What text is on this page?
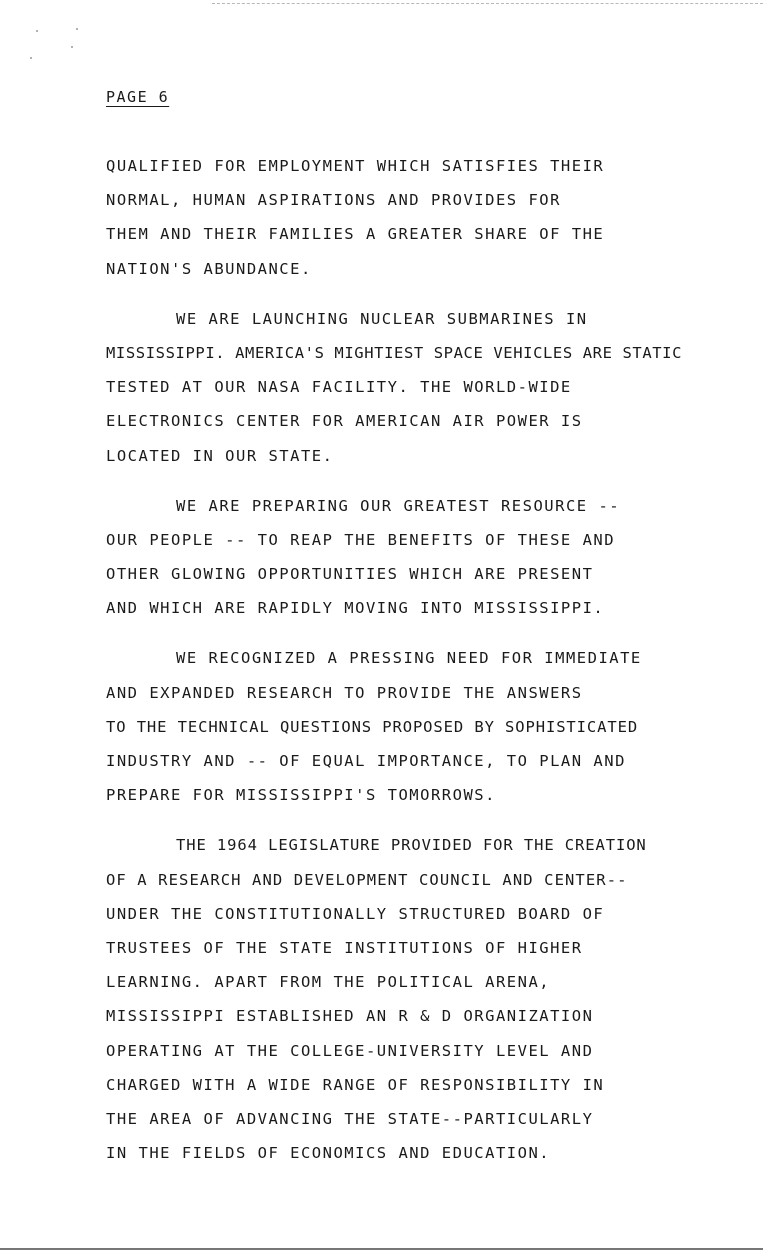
PAGE 6
QUALIFIED FOR EMPLOYMENT WHICH SATISFIES THEIR
NORMAL, HUMAN ASPIRATIONS AND PROVIDES FOR
THEM AND THEIR FAMILIES A GREATER SHARE OF THE
NATION'S ABUNDANCE.
WE ARE LAUNCHING NUCLEAR SUBMARINES IN
MISSISSIPPI. AMERICA'S MIGHTIEST SPACE VEHICLES ARE STATIC
TESTED AT OUR NASA FACILITY. THE WORLD-WIDE
ELECTRONICS CENTER FOR AMERICAN AIR POWER IS
LOCATED IN OUR STATE.
WE ARE PREPARING OUR GREATEST RESOURCE --
OUR PEOPLE -- TO REAP THE BENEFITS OF THESE AND
OTHER GLOWING OPPORTUNITIES WHICH ARE PRESENT
AND WHICH ARE RAPIDLY MOVING INTO MISSISSIPPI.
WE RECOGNIZED A PRESSING NEED FOR IMMEDIATE
AND EXPANDED RESEARCH TO PROVIDE THE ANSWERS
TO THE TECHNICAL QUESTIONS PROPOSED BY SOPHISTICATED
INDUSTRY AND -- OF EQUAL IMPORTANCE, TO PLAN AND
PREPARE FOR MISSISSIPPI'S TOMORROWS.
THE 1964 LEGISLATURE PROVIDED FOR THE CREATION
OF A RESEARCH AND DEVELOPMENT COUNCIL AND CENTER--
UNDER THE CONSTITUTIONALLY STRUCTURED BOARD OF
TRUSTEES OF THE STATE INSTITUTIONS OF HIGHER
LEARNING. APART FROM THE POLITICAL ARENA,
MISSISSIPPI ESTABLISHED AN R & D ORGANIZATION
OPERATING AT THE COLLEGE-UNIVERSITY LEVEL AND
CHARGED WITH A WIDE RANGE OF RESPONSIBILITY IN
THE AREA OF ADVANCING THE STATE--PARTICULARLY
IN THE FIELDS OF ECONOMICS AND EDUCATION.
